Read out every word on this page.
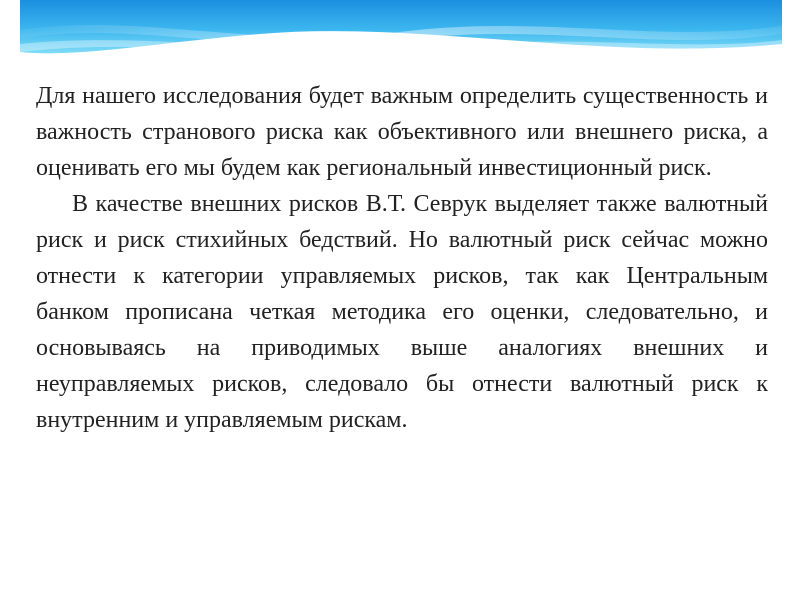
Для нашего исследования будет важным определить существенность и важность странового риска как объективного или внешнего риска, а оценивать его мы будем как региональный инвестиционный риск.

В качестве внешних рисков В.Т. Севрук выделяет также валютный риск и риск стихийных бедствий. Но валютный риск сейчас можно отнести к категории управляемых рисков, так как Центральным банком прописана четкая методика его оценки, следовательно, и основываясь на приводимых выше аналогиях внешних и неуправляемых рисков, следовало бы отнести валютный риск к внутренним и управляемым рискам.
